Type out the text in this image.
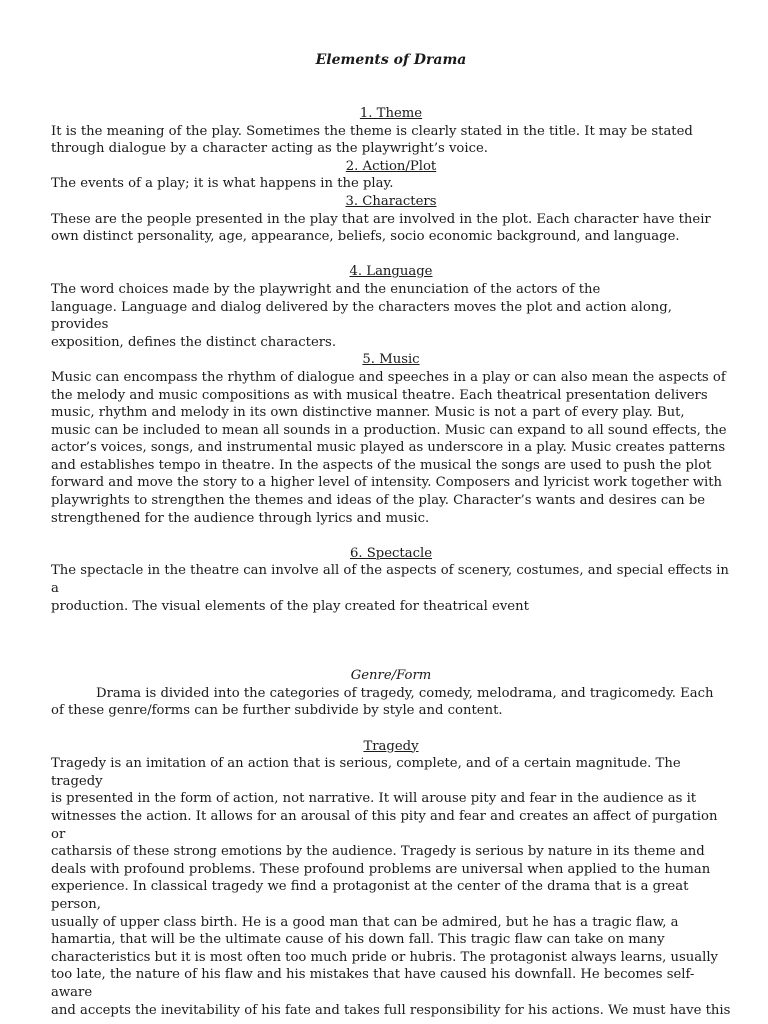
Elements of Drama
1. Theme
It is the meaning of the play. Sometimes the theme is clearly stated in the title. It may be stated
through dialogue by a character acting as the playwright’s voice.
2. Action/Plot
The events of a play; it is what happens in the play.
3. Characters
These are the people presented in the play that are involved in the plot. Each character have their
own distinct personality, age, appearance, beliefs, socio economic background, and language.
4. Language
The word choices made by the playwright and the enunciation of the actors of the
language. Language and dialog delivered by the characters moves the plot and action along, provides
exposition, defines the distinct characters.
5. Music
Music can encompass the rhythm of dialogue and speeches in a play or can also mean the aspects of
the melody and music compositions as with musical theatre. Each theatrical presentation delivers
music, rhythm and melody in its own distinctive manner. Music is not a part of every play. But,
music can be included to mean all sounds in a production. Music can expand to all sound effects, the
actor’s voices, songs, and instrumental music played as underscore in a play. Music creates patterns
and establishes tempo in theatre. In the aspects of the musical the songs are used to push the plot
forward and move the story to a higher level of intensity. Composers and lyricist work together with
playwrights to strengthen the themes and ideas of the play. Character’s wants and desires can be
strengthened for the audience through lyrics and music.
6. Spectacle
The spectacle in the theatre can involve all of the aspects of scenery, costumes, and special effects in a
production. The visual elements of the play created for theatrical event
Genre/Form
Drama is divided into the categories of tragedy, comedy, melodrama, and tragicomedy. Each
of these genre/forms can be further subdivide by style and content.
Tragedy
Tragedy is an imitation of an action that is serious, complete, and of a certain magnitude. The tragedy
is presented in the form of action, not narrative. It will arouse pity and fear in the audience as it
witnesses the action. It allows for an arousal of this pity and fear and creates an affect of purgation or
catharsis of these strong emotions by the audience. Tragedy is serious by nature in its theme and
deals with profound problems. These profound problems are universal when applied to the human
experience. In classical tragedy we find a protagonist at the center of the drama that is a great person,
usually of upper class birth. He is a good man that can be admired, but he has a tragic flaw, a
hamartia, that will be the ultimate cause of his down fall. This tragic flaw can take on many
characteristics but it is most often too much pride or hubris. The protagonist always learns, usually
too late, the nature of his flaw and his mistakes that have caused his downfall. He becomes self-aware
and accepts the inevitability of his fate and takes full responsibility for his actions. We must have this
